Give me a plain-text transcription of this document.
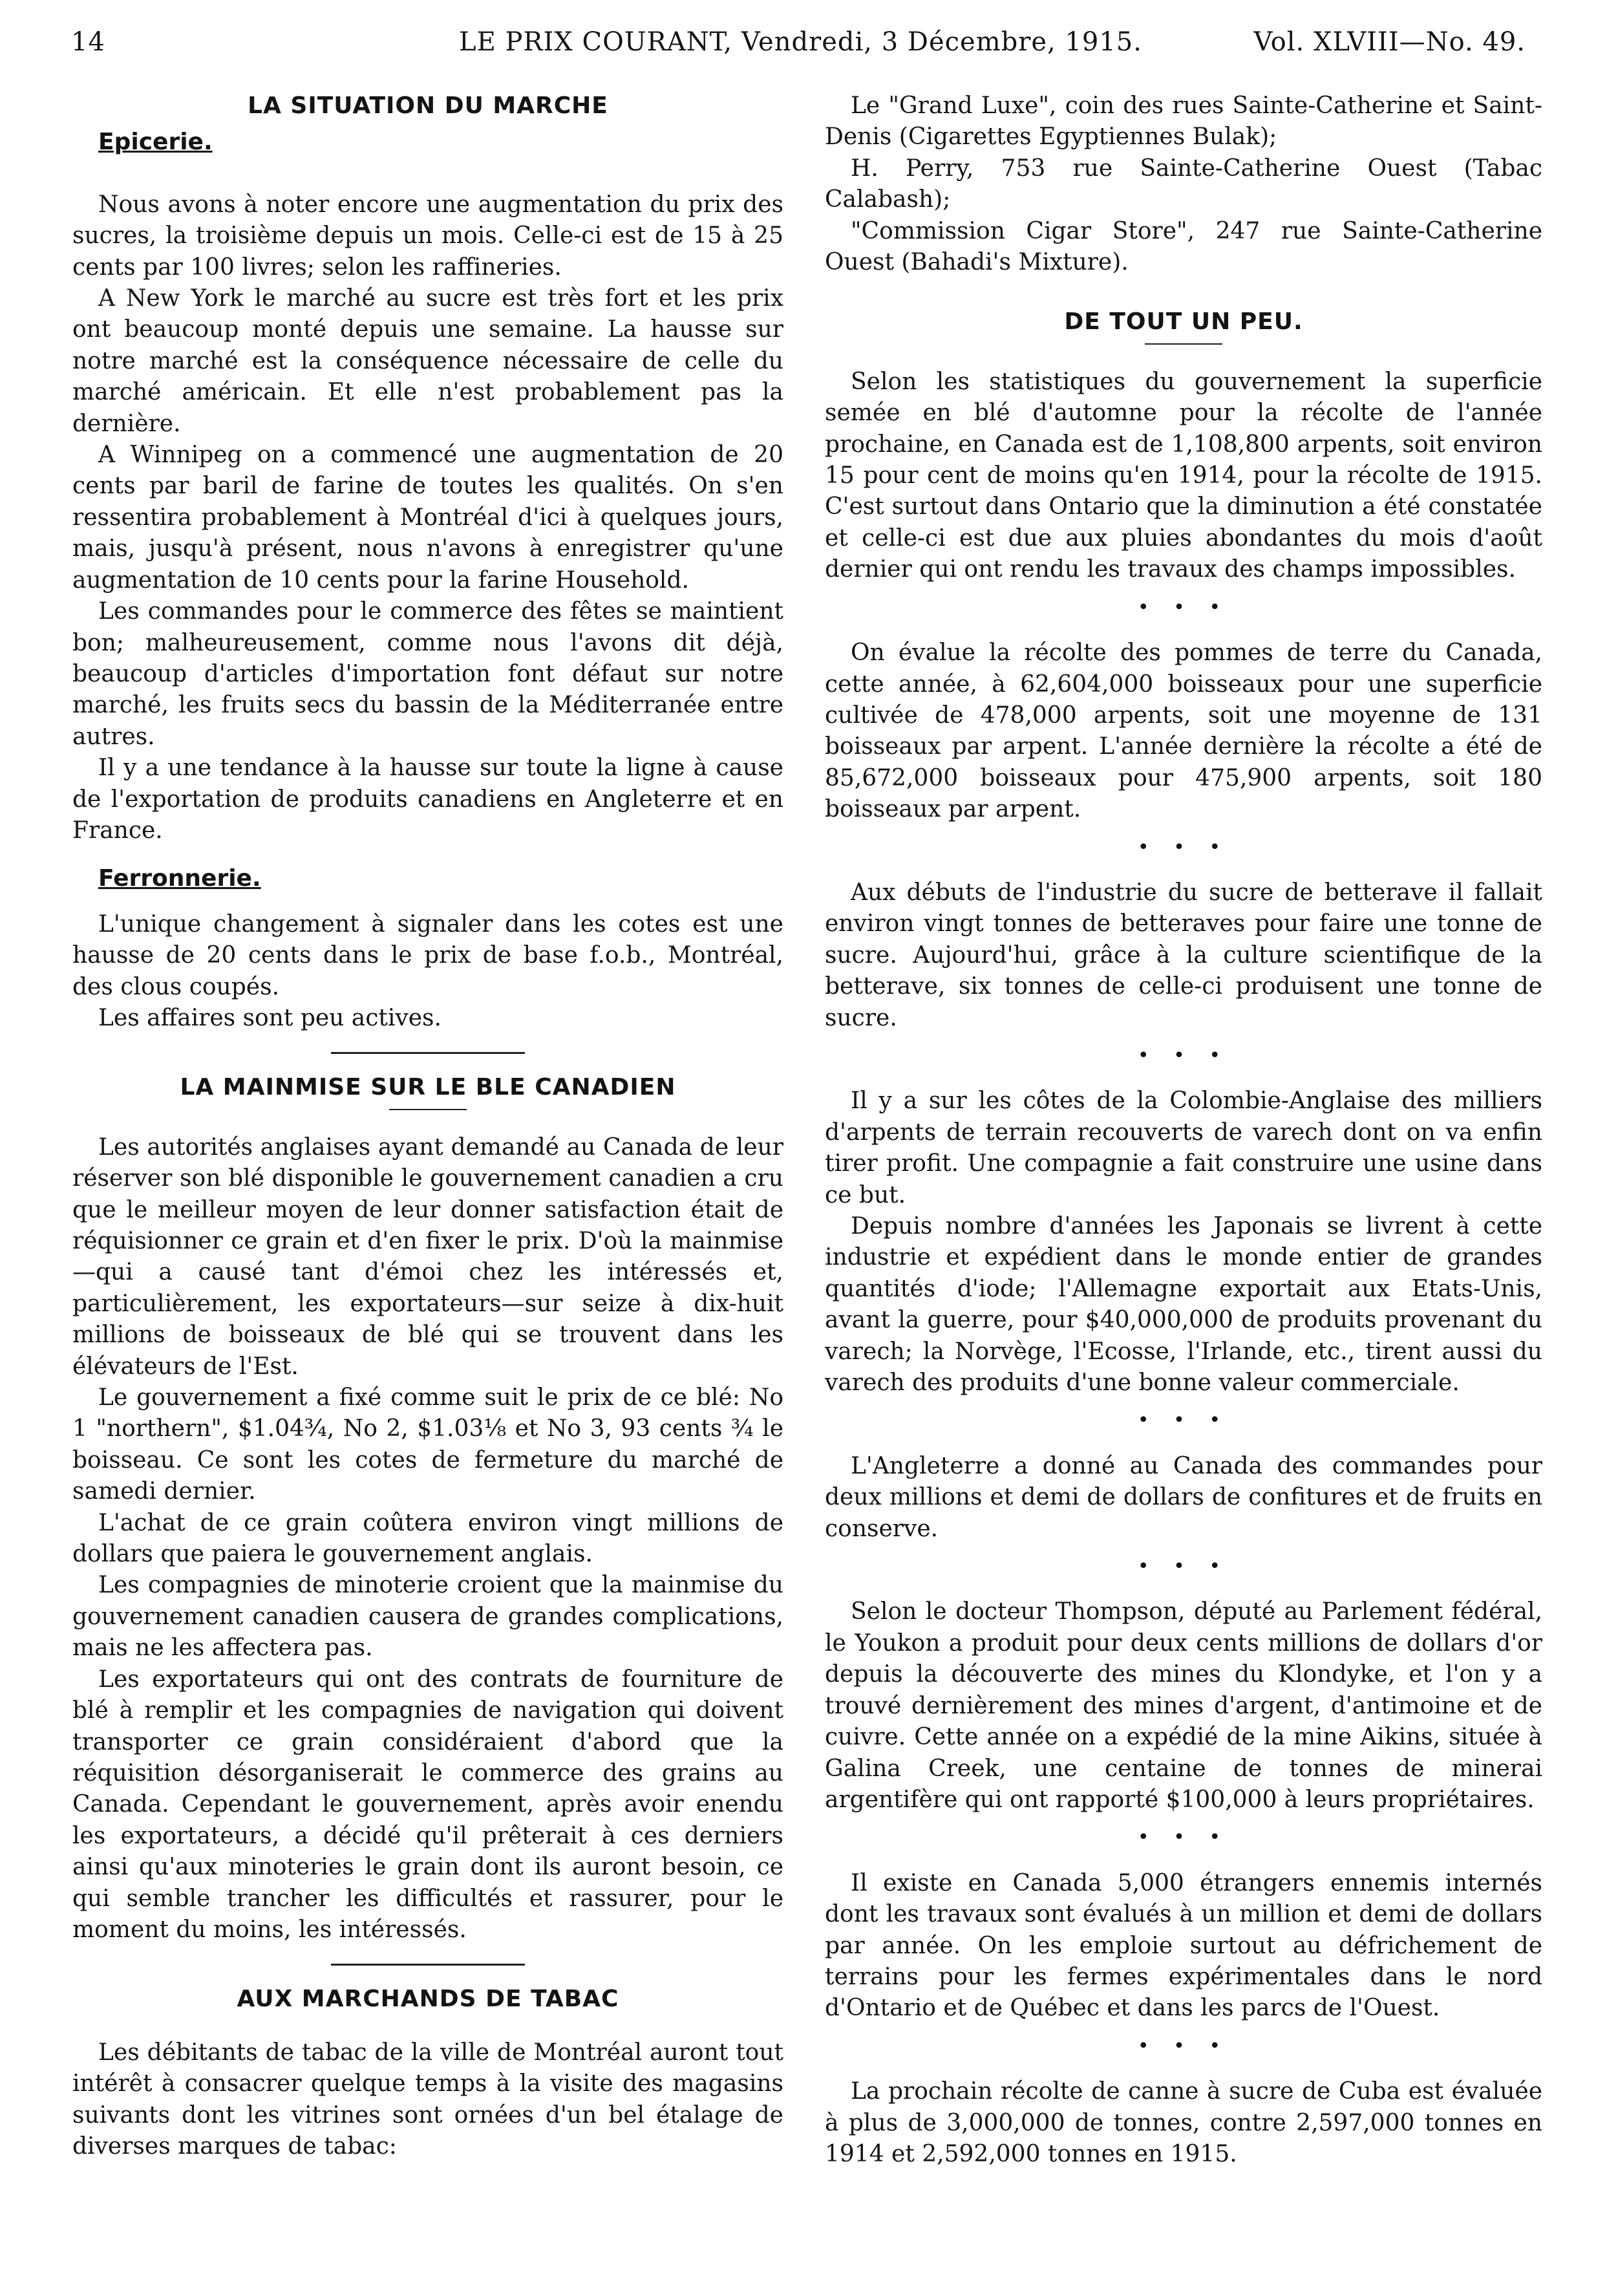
14	LE PRIX COURANT, Vendredi, 3 Décembre, 1915.	Vol. XLVIII—No. 49.
LA SITUATION DU MARCHE
Epicerie.

Nous avons à noter encore une augmentation du prix des sucres, la troisième depuis un mois. Celle-ci est de 15 à 25 cents par 100 livres; selon les raffineries.

A New York le marché au sucre est très fort et les prix ont beaucoup monté depuis une semaine. La hausse sur notre marché est la conséquence nécessaire de celle du marché américain. Et elle n'est probablement pas la dernière.

A Winnipeg on a commencé une augmentation de 20 cents par baril de farine de toutes les qualités. On s'en ressentira probablement à Montréal d'ici à quelques jours, mais, jusqu'à présent, nous n'avons à enregistrer qu'une augmentation de 10 cents pour la farine Household.

Les commandes pour le commerce des fêtes se maintient bon; malheureusement, comme nous l'avons dit déjà, beaucoup d'articles d'importation font défaut sur notre marché, les fruits secs du bassin de la Méditerranée entre autres.

Il y a une tendance à la hausse sur toute la ligne à cause de l'exportation de produits canadiens en Angleterre et en France.

Ferronnerie.

L'unique changement à signaler dans les cotes est une hausse de 20 cents dans le prix de base f.o.b., Montréal, des clous coupés.

Les affaires sont peu actives.

LA MAINMISE SUR LE BLE CANADIEN

Les autorités anglaises ayant demandé au Canada de leur réserver son blé disponible le gouvernement canadien a cru que le meilleur moyen de leur donner satisfaction était de réquisionner ce grain et d'en fixer le prix. D'où la mainmise—qui a causé tant d'émoi chez les intéressés et, particulièrement, les exportateurs—sur seize à dix-huit millions de boisseaux de blé qui se trouvent dans les élévateurs de l'Est.

Le gouvernement a fixé comme suit le prix de ce blé: No 1 "northern", $1.04¾, No 2, $1.03⅛ et No 3, 93 cents ¾ le boisseau. Ce sont les cotes de fermeture du marché de samedi dernier.

L'achat de ce grain coûtera environ vingt millions de dollars que paiera le gouvernement anglais.

Les compagnies de minoterie croient que la mainmise du gouvernement canadien causera de grandes complications, mais ne les affectera pas.

Les exportateurs qui ont des contrats de fourniture de blé à remplir et les compagnies de navigation qui doivent transporter ce grain considéraient d'abord que la réquisition désorganiserait le commerce des grains au Canada. Cependant le gouvernement, après avoir enendu les exportateurs, a décidé qu'il prêterait à ces derniers ainsi qu'aux minoteries le grain dont ils auront besoin, ce qui semble trancher les difficultés et rassurer, pour le moment du moins, les intéressés.

AUX MARCHANDS DE TABAC

Les débitants de tabac de la ville de Montréal auront tout intérêt à consacrer quelque temps à la visite des magasins suivants dont les vitrines sont ornées d'un bel étalage de diverses marques de tabac:

Le "Grand Luxe", coin des rues Sainte-Catherine et Saint-Denis (Cigarettes Egyptiennes Bulak);

H. Perry, 753 rue Sainte-Catherine Ouest (Tabac Calabash);

"Commission Cigar Store", 247 rue Sainte-Catherine Ouest (Bahadi's Mixture).

DE TOUT UN PEU.

Selon les statistiques du gouvernement la superficie semée en blé d'automne pour la récolte de l'année prochaine, en Canada est de 1,108,800 arpents, soit environ 15 pour cent de moins qu'en 1914, pour la récolte de 1915. C'est surtout dans Ontario que la diminution a été constatée et celle-ci est due aux pluies abondantes du mois d'août dernier qui ont rendu les travaux des champs impossibles.

• • •

On évalue la récolte des pommes de terre du Canada, cette année, à 62,604,000 boisseaux pour une superficie cultivée de 478,000 arpents, soit une moyenne de 131 boisseaux par arpent. L'année dernière la récolte a été de 85,672,000 boisseaux pour 475,900 arpents, soit 180 boisseaux par arpent.

• • •

Aux débuts de l'industrie du sucre de betterave il fallait environ vingt tonnes de betteraves pour faire une tonne de sucre. Aujourd'hui, grâce à la culture scientifique de la betterave, six tonnes de celle-ci produisent une tonne de sucre.

• • •

Il y a sur les côtes de la Colombie-Anglaise des milliers d'arpents de terrain recouverts de varech dont on va enfin tirer profit. Une compagnie a fait construire une usine dans ce but.

Depuis nombre d'années les Japonais se livrent à cette industrie et expédient dans le monde entier de grandes quantités d'iode; l'Allemagne exportait aux Etats-Unis, avant la guerre, pour $40,000,000 de produits provenant du varech; la Norvège, l'Ecosse, l'Irlande, etc., tirent aussi du varech des produits d'une bonne valeur commerciale.

• • •

L'Angleterre a donné au Canada des commandes pour deux millions et demi de dollars de confitures et de fruits en conserve.

• • •

Selon le docteur Thompson, député au Parlement fédéral, le Youkon a produit pour deux cents millions de dollars d'or depuis la découverte des mines du Klondyke, et l'on y a trouvé dernièrement des mines d'argent, d'antimoine et de cuivre. Cette année on a expédié de la mine Aikins, située à Galina Creek, une centaine de tonnes de minerai argentifère qui ont rapporté $100,000 à leurs propriétaires.

• • •

Il existe en Canada 5,000 étrangers ennemis internés dont les travaux sont évalués à un million et demi de dollars par année. On les emploie surtout au défrichement de terrains pour les fermes expérimentales dans le nord d'Ontario et de Québec et dans les parcs de l'Ouest.

• • •

La prochain récolte de canne à sucre de Cuba est évaluée à plus de 3,000,000 de tonnes, contre 2,597,000 tonnes en 1914 et 2,592,000 tonnes en 1915.
